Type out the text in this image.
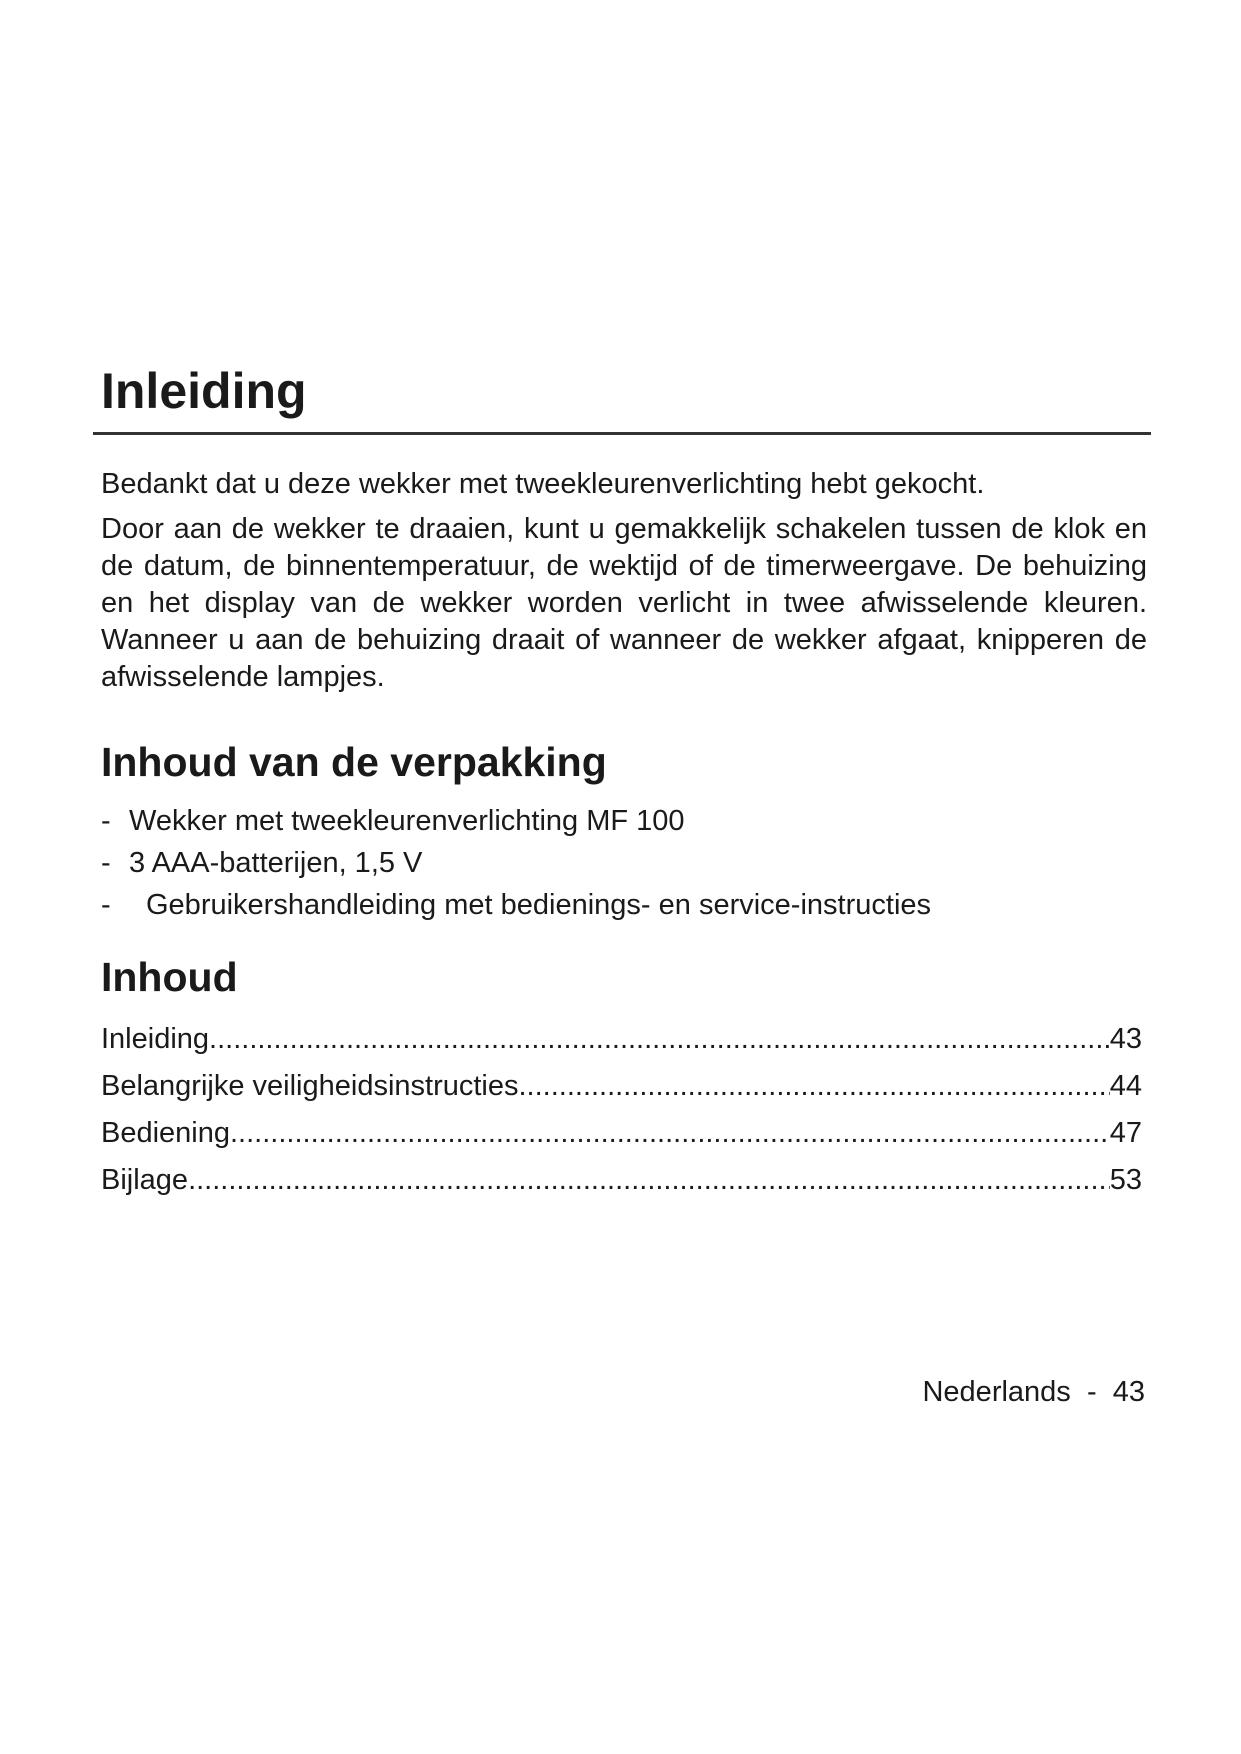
Inleiding

Bedankt dat u deze wekker met tweekleurenverlichting hebt gekocht.

Door aan de wekker te draaien, kunt u gemakkelijk schakelen tussen de klok en de datum, de binnentemperatuur, de wektijd of de timerweergave. De behuizing en het display van de wekker worden verlicht in twee afwisselende kleuren. Wanneer u aan de behuizing draait of wanneer de wekker afgaat, knipperen de afwisselende lampjes.

Inhoud van de verpakking
- Wekker met tweekleurenverlichting MF 100
- 3 AAA-batterijen, 1,5 V
-	Gebruikershandleiding met bedienings- en service-instructies
Inhoud
Inleiding .....	43
Belangrijke veiligheidsinstructies .....	44
Bediening .....	47
Bijlage .....	53
Nederlands - 43
